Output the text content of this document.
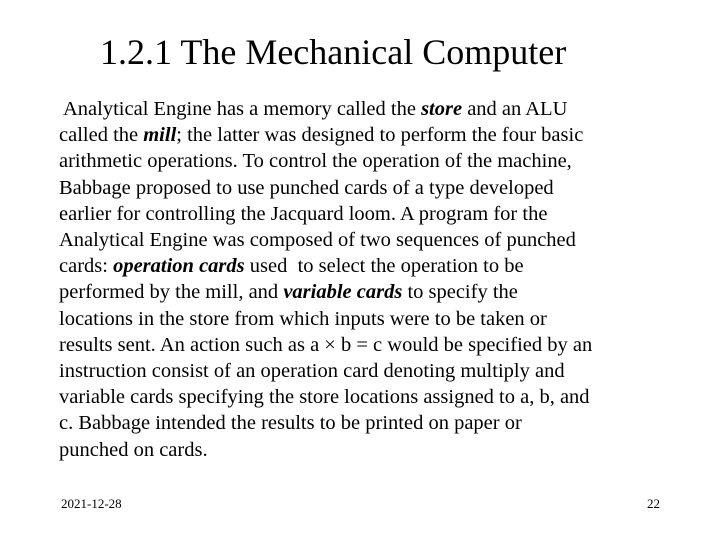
1.2.1 The Mechanical Computer
Analytical Engine has a memory called the store and an ALU
called the mill; the latter was designed to perform the four basic
arithmetic operations. To control the operation of the machine,
Babbage proposed to use punched cards of a type developed
earlier for controlling the Jacquard loom. A program for the
Analytical Engine was composed of two sequences of punched
cards: operation cards used  to select the operation to be
performed by the mill, and variable cards to specify the
locations in the store from which inputs were to be taken or
results sent. An action such as a × b = c would be specified by an
instruction consist of an operation card denoting multiply and
variable cards specifying the store locations assigned to a, b, and
c. Babbage intended the results to be printed on paper or
punched on cards.
2021-12-28	22
